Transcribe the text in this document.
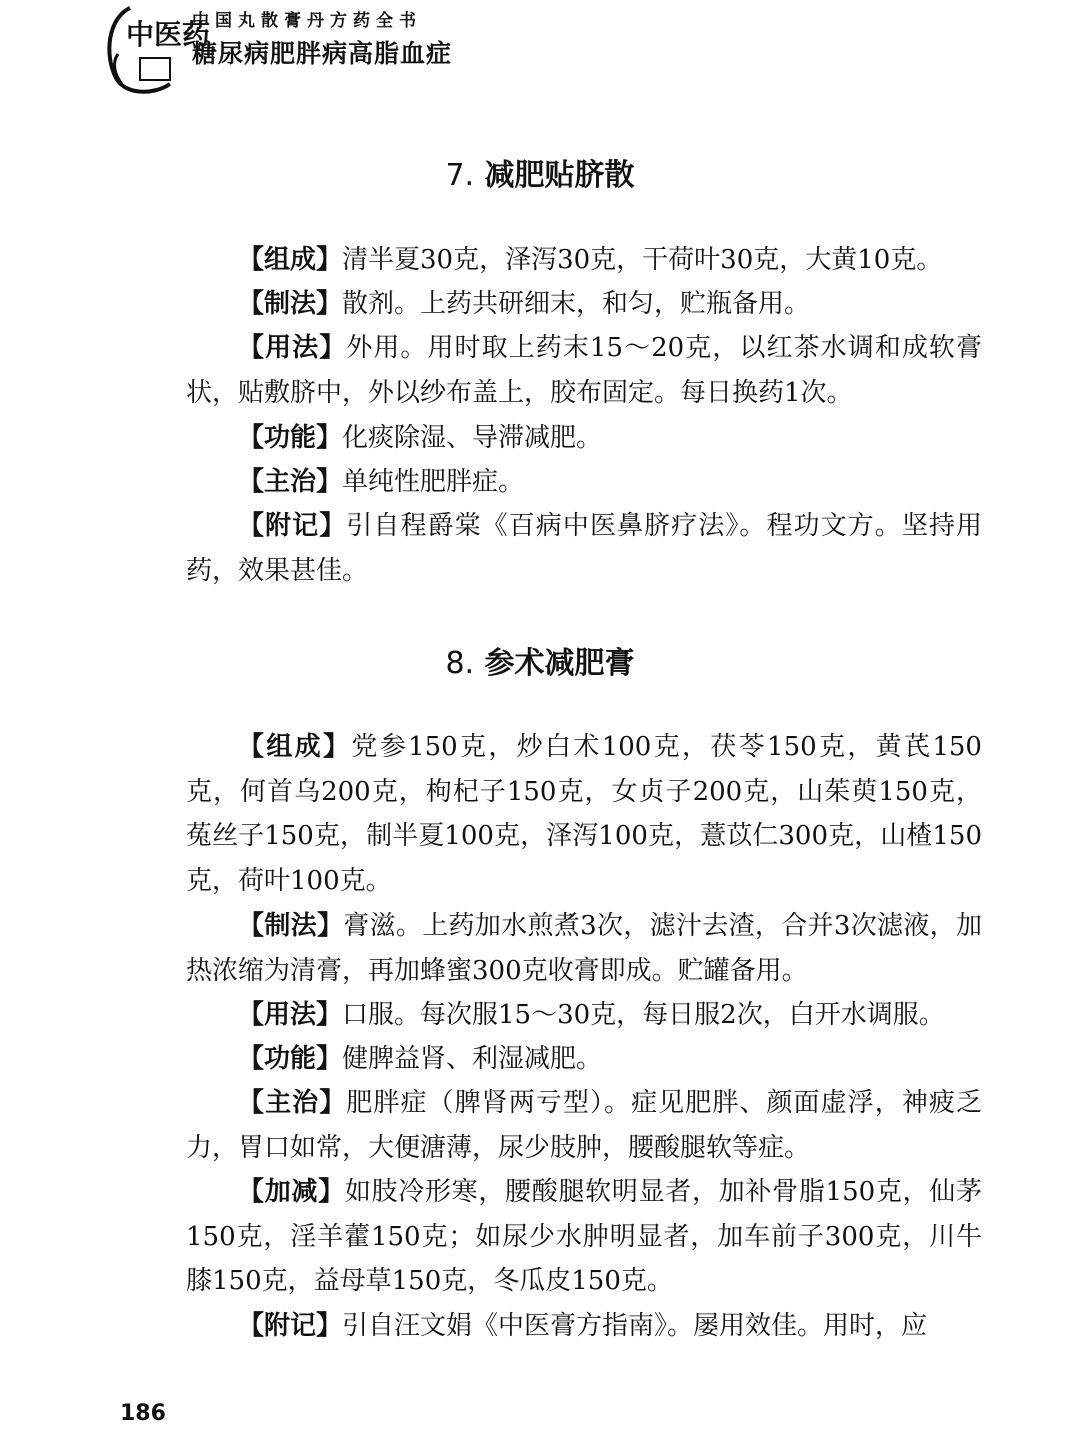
中医药
中国丸散膏丹方药全书
糖尿病肥胖病高脂血症
7. 减肥贴脐散

【组成】清半夏30克，泽泻30克，干荷叶30克，大黄10克。

【制法】散剂。上药共研细末，和匀，贮瓶备用。

【用法】外用。用时取上药末15～20克，以红茶水调和成软膏状，贴敷脐中，外以纱布盖上，胶布固定。每日换药1次。

【功能】化痰除湿、导滞减肥。

【主治】单纯性肥胖症。

【附记】引自程爵棠《百病中医鼻脐疗法》。程功文方。坚持用药，效果甚佳。

8. 参术减肥膏

【组成】党参150克，炒白术100克，茯苓150克，黄芪150克，何首乌200克，枸杞子150克，女贞子200克，山茱萸150克，菟丝子150克，制半夏100克，泽泻100克，薏苡仁300克，山楂150克，荷叶100克。

【制法】膏滋。上药加水煎煮3次，滤汁去渣，合并3次滤液，加热浓缩为清膏，再加蜂蜜300克收膏即成。贮罐备用。

【用法】口服。每次服15～30克，每日服2次，白开水调服。

【功能】健脾益肾、利湿减肥。

【主治】肥胖症（脾肾两亏型）。症见肥胖、颜面虚浮，神疲乏力，胃口如常，大便溏薄，尿少肢肿，腰酸腿软等症。

【加减】如肢冷形寒，腰酸腿软明显者，加补骨脂150克，仙茅150克，淫羊藿150克；如尿少水肿明显者，加车前子300克，川牛膝150克，益母草150克，冬瓜皮150克。

【附记】引自汪文娟《中医膏方指南》。屡用效佳。用时，应

186
